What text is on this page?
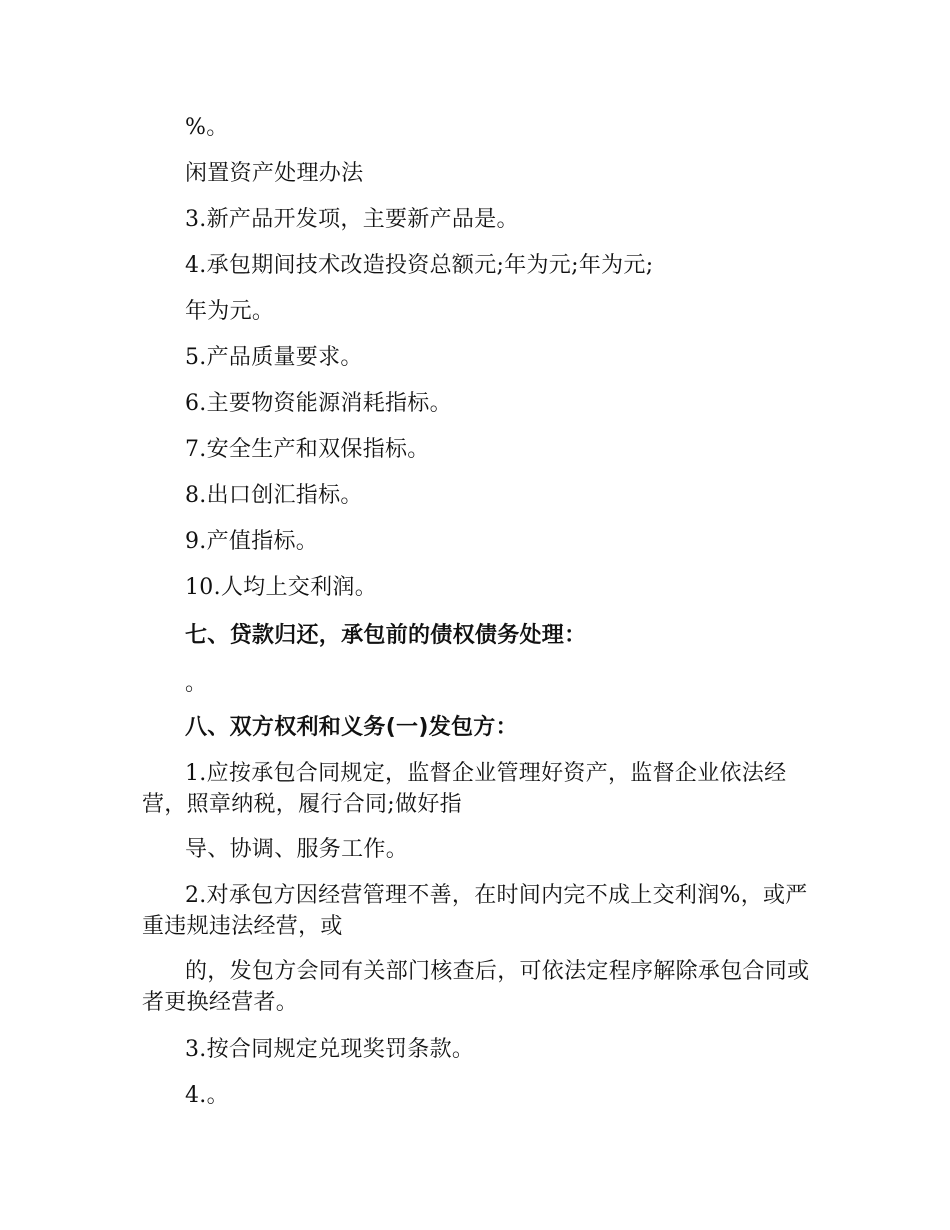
%。
闲置资产处理办法
3.新产品开发项，主要新产品是。
4.承包期间技术改造投资总额元;年为元;年为元;
年为元。
5.产品质量要求。
6.主要物资能源消耗指标。
7.安全生产和双保指标。
8.出口创汇指标。
9.产值指标。
10.人均上交利润。
七、贷款归还，承包前的债权债务处理：
。
八、双方权利和义务(一)发包方：
1.应按承包合同规定，监督企业管理好资产，监督企业依法经营，照章纳税，履行合同;做好指
导、协调、服务工作。
2.对承包方因经营管理不善，在时间内完不成上交利润%，或严重违规违法经营，或
的，发包方会同有关部门核查后，可依法定程序解除承包合同或者更换经营者。
3.按合同规定兑现奖罚条款。
4.。
